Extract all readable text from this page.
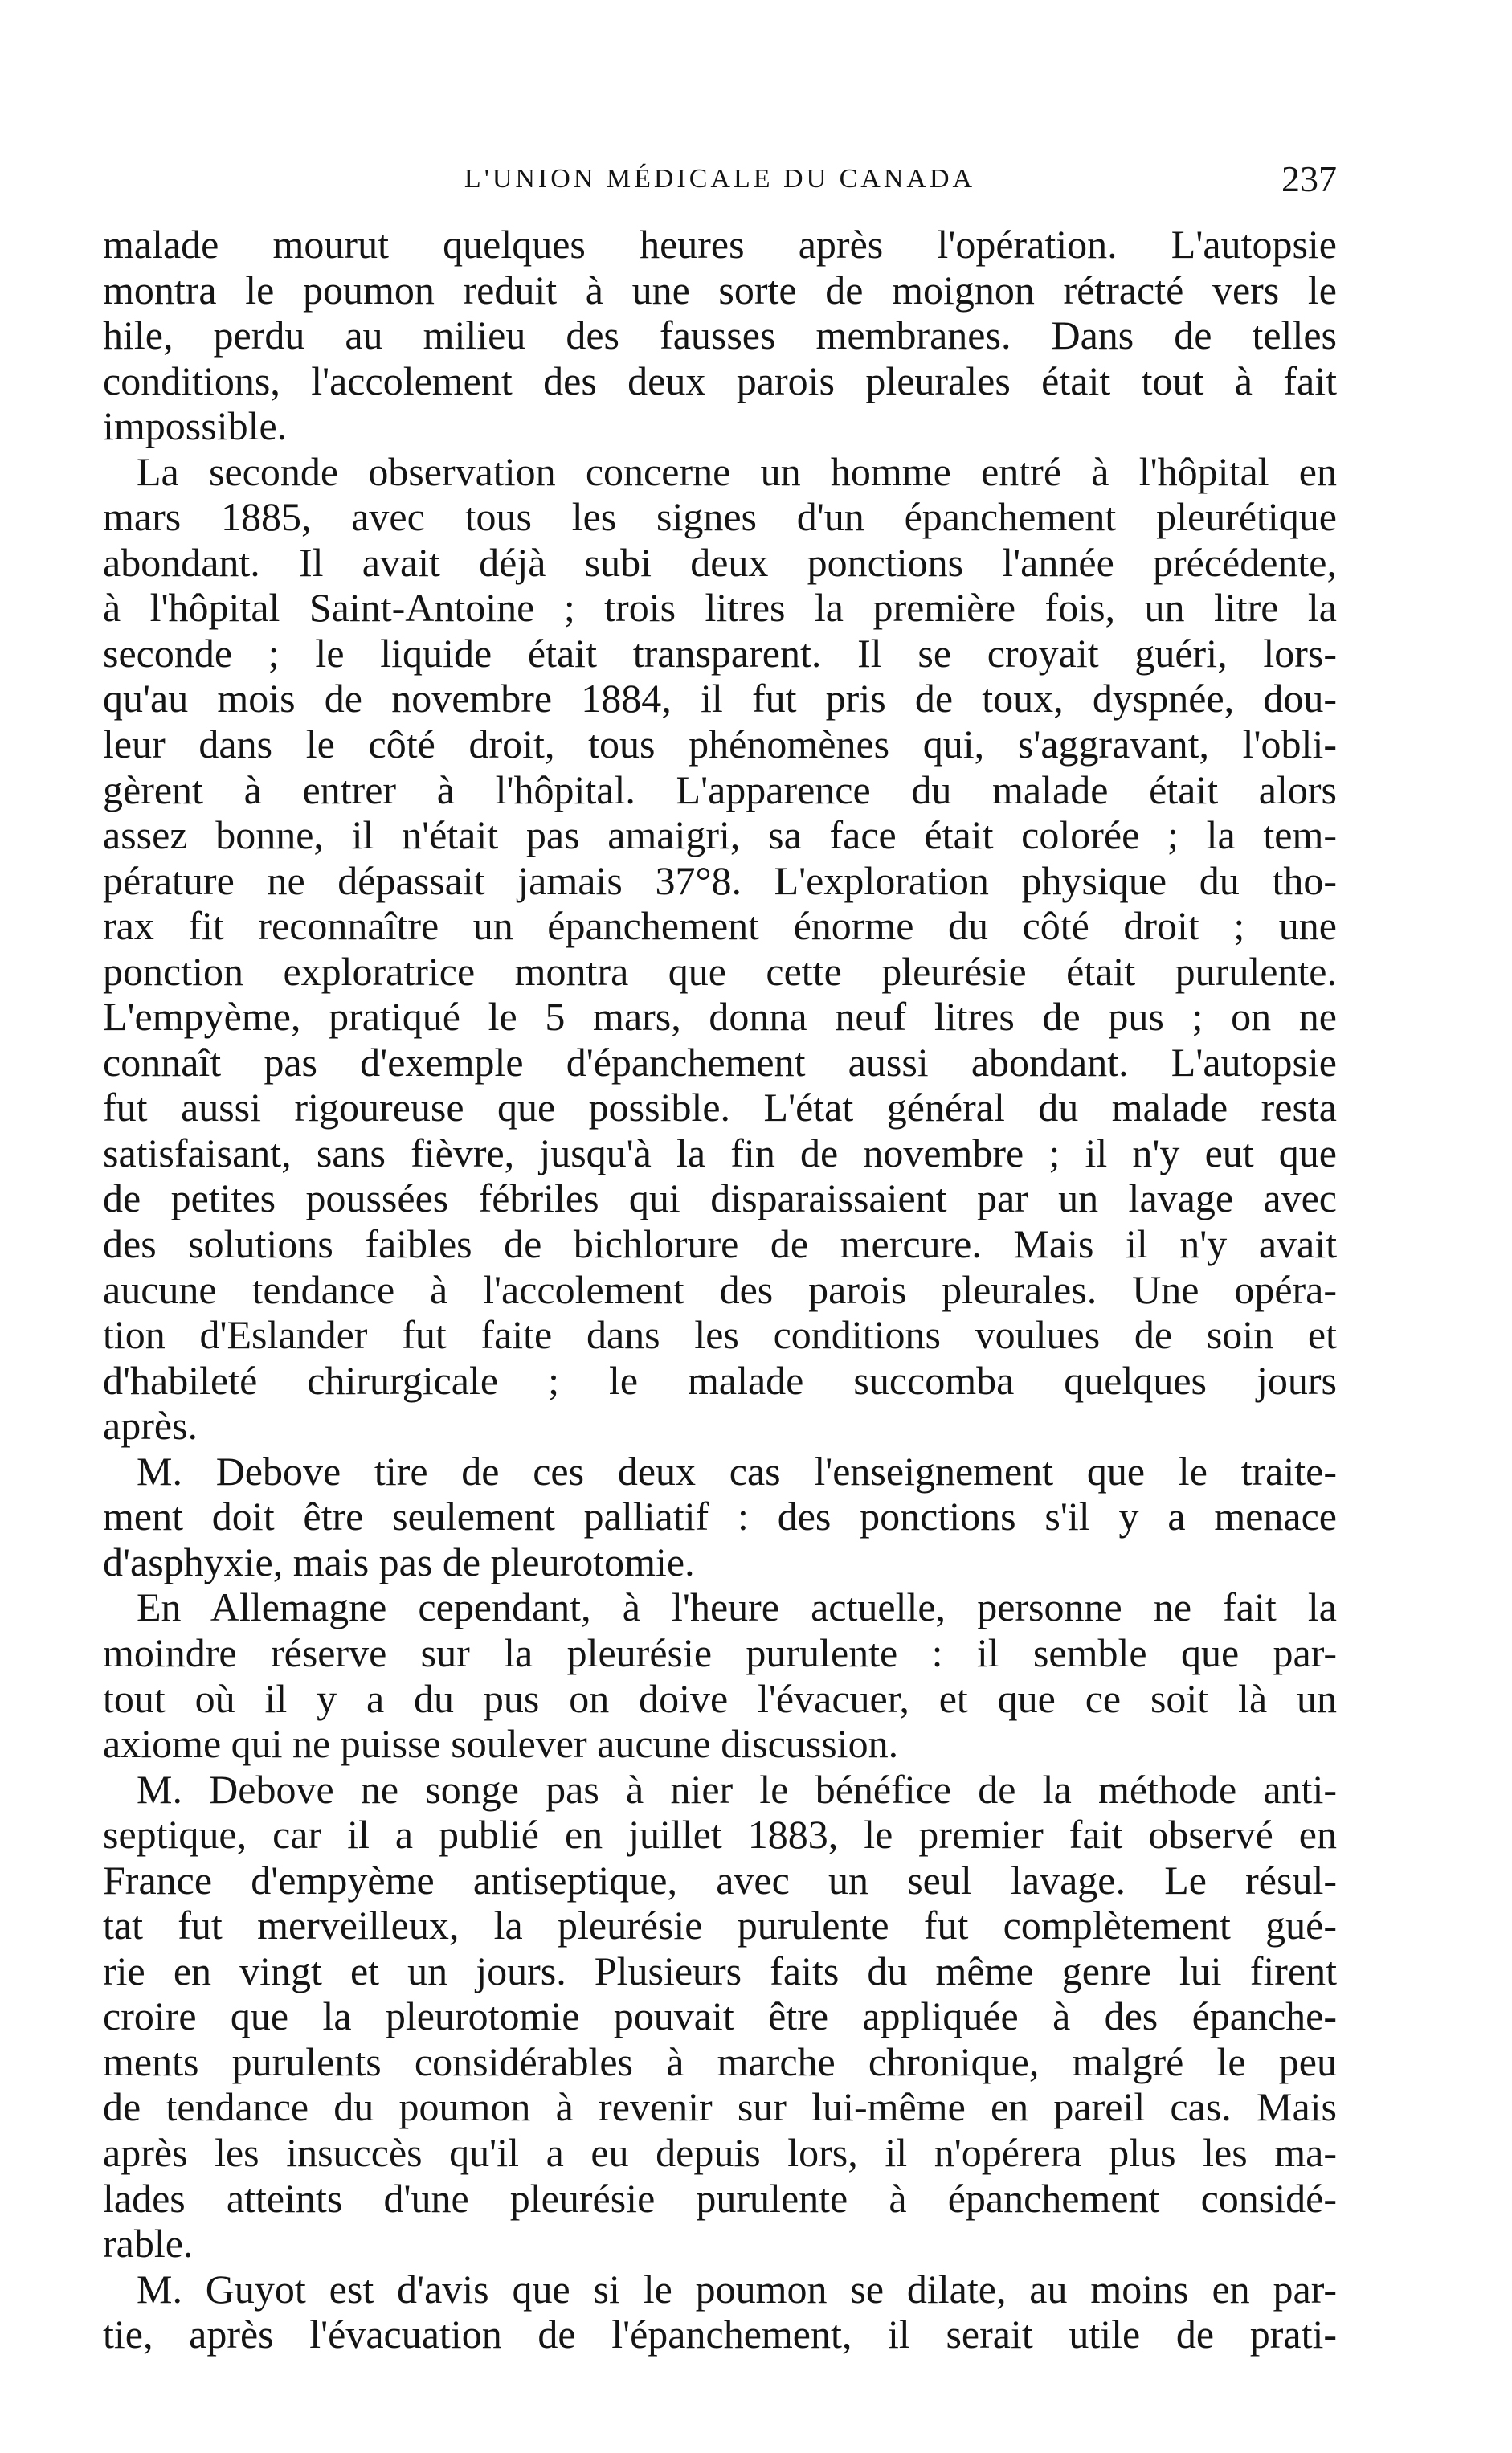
L'UNION MÉDICALE DU CANADA	237
malade mourut quelques heures après l'opération. L'autopsie
montra le poumon reduit à une sorte de moignon rétracté vers le
hile, perdu au milieu des fausses membranes. Dans de telles
conditions, l'accolement des deux parois pleurales était tout à fait
impossible.
La seconde observation concerne un homme entré à l'hôpital en
mars 1885, avec tous les signes d'un épanchement pleurétique
abondant. Il avait déjà subi deux ponctions l'année précédente,
à l'hôpital Saint-Antoine ; trois litres la première fois, un litre la
seconde ; le liquide était transparent. Il se croyait guéri, lors-
qu'au mois de novembre 1884, il fut pris de toux, dyspnée, dou-
leur dans le côté droit, tous phénomènes qui, s'aggravant, l'obli-
gèrent à entrer à l'hôpital. L'apparence du malade était alors
assez bonne, il n'était pas amaigri, sa face était colorée ; la tem-
pérature ne dépassait jamais 37°8. L'exploration physique du tho-
rax fit reconnaître un épanchement énorme du côté droit ; une
ponction exploratrice montra que cette pleurésie était purulente.
L'empyème, pratiqué le 5 mars, donna neuf litres de pus ; on ne
connaît pas d'exemple d'épanchement aussi abondant. L'autopsie
fut aussi rigoureuse que possible. L'état général du malade resta
satisfaisant, sans fièvre, jusqu'à la fin de novembre ; il n'y eut que
de petites poussées fébriles qui disparaissaient par un lavage avec
des solutions faibles de bichlorure de mercure. Mais il n'y avait
aucune tendance à l'accolement des parois pleurales. Une opéra-
tion d'Eslander fut faite dans les conditions voulues de soin et
d'habileté chirurgicale ; le malade succomba quelques jours
après.
M. Debove tire de ces deux cas l'enseignement que le traite-
ment doit être seulement palliatif : des ponctions s'il y a menace
d'asphyxie, mais pas de pleurotomie.
En Allemagne cependant, à l'heure actuelle, personne ne fait la
moindre réserve sur la pleurésie purulente : il semble que par-
tout où il y a du pus on doive l'évacuer, et que ce soit là un
axiome qui ne puisse soulever aucune discussion.
M. Debove ne songe pas à nier le bénéfice de la méthode anti-
septique, car il a publié en juillet 1883, le premier fait observé en
France d'empyème antiseptique, avec un seul lavage. Le résul-
tat fut merveilleux, la pleurésie purulente fut complètement gué-
rie en vingt et un jours. Plusieurs faits du même genre lui firent
croire que la pleurotomie pouvait être appliquée à des épanche-
ments purulents considérables à marche chronique, malgré le peu
de tendance du poumon à revenir sur lui-même en pareil cas. Mais
après les insuccès qu'il a eu depuis lors, il n'opérera plus les ma-
lades atteints d'une pleurésie purulente à épanchement considé-
rable.
M. Guyot est d'avis que si le poumon se dilate, au moins en par-
tie, après l'évacuation de l'épanchement, il serait utile de prati-
